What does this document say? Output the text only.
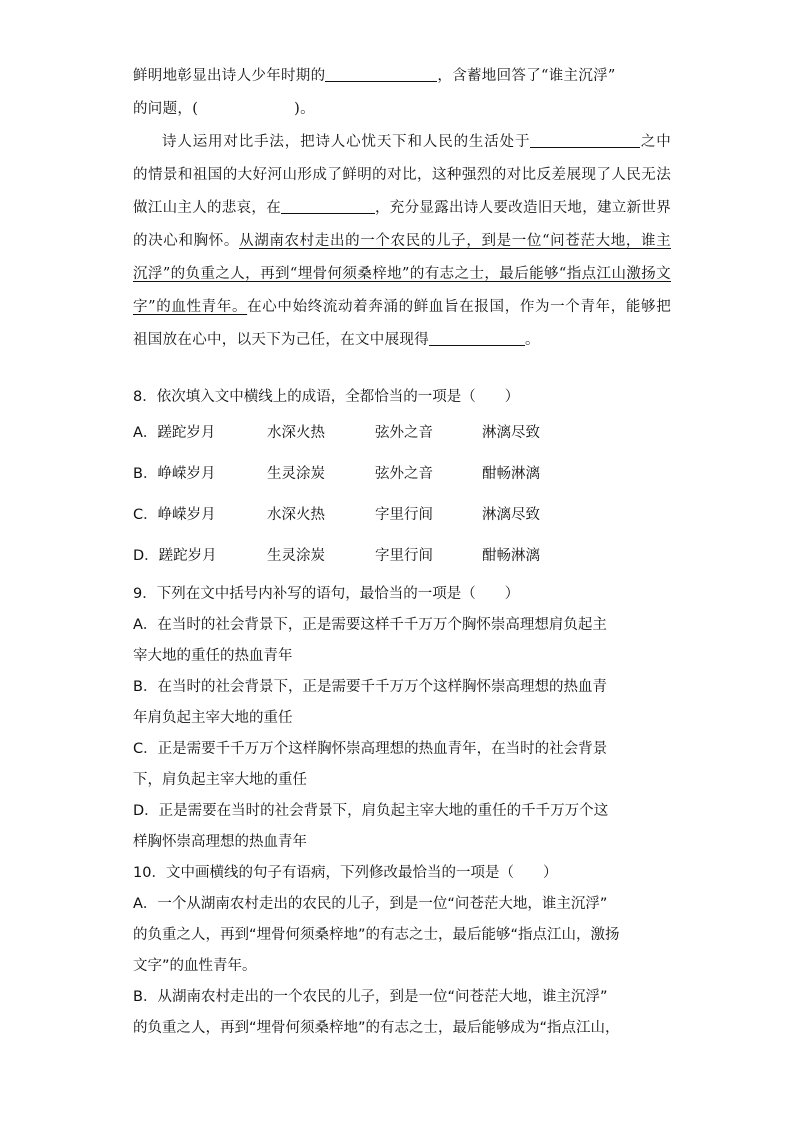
鲜明地彰显出诗人少年时期的	，含蓄地回答了“谁主沉浮”

的问题，(	)。

诗人运用对比手法，把诗人心忧天下和人民的生活处于	之中的情景和祖国的大好河山形成了鲜明的对比，这种强烈的对比反差展现了人民无法做江山主人的悲哀，在	，充分显露出诗人要改造旧天地，建立新世界的决心和胸怀。从湖南农村走出的一个农民的儿子，到是一位“问苍茫大地，谁主沉浮”的负重之人，再到“埋骨何须桑梓地”的有志之士，最后能够“指点江山激扬文字”的血性青年。在心中始终流动着奔涌的鲜血旨在报国，作为一个青年，能够把祖国放在心中，以天下为己任，在文中展现得	。

8．依次填入文中横线上的成语，全都恰当的一项是（　　）

A．蹉跎岁月	水深火热	弦外之音	淋漓尽致
B．峥嵘岁月	生灵涂炭	弦外之音	酣畅淋漓
C．峥嵘岁月	水深火热	字里行间	淋漓尽致
D．蹉跎岁月	生灵涂炭	字里行间	酣畅淋漓

9．下列在文中括号内补写的语句，最恰当的一项是（　　）

A．在当时的社会背景下，正是需要这样千千万万个胸怀崇高理想肩负起主

宰大地的重任的热血青年

B．在当时的社会背景下，正是需要千千万万个这样胸怀崇高理想的热血青

年肩负起主宰大地的重任

C．正是需要千千万万个这样胸怀崇高理想的热血青年，在当时的社会背景

下，肩负起主宰大地的重任

D．正是需要在当时的社会背景下，肩负起主宰大地的重任的千千万万个这

样胸怀崇高理想的热血青年

10．文中画横线的句子有语病，下列修改最恰当的一项是（　　）

A．一个从湖南农村走出的农民的儿子，到是一位“问苍茫大地，谁主沉浮”

的负重之人，再到“埋骨何须桑梓地”的有志之士，最后能够“指点江山，激扬

文字”的血性青年。

B．从湖南农村走出的一个农民的儿子，到是一位“问苍茫大地，谁主沉浮”

的负重之人，再到“埋骨何须桑梓地”的有志之士，最后能够成为“指点江山，
